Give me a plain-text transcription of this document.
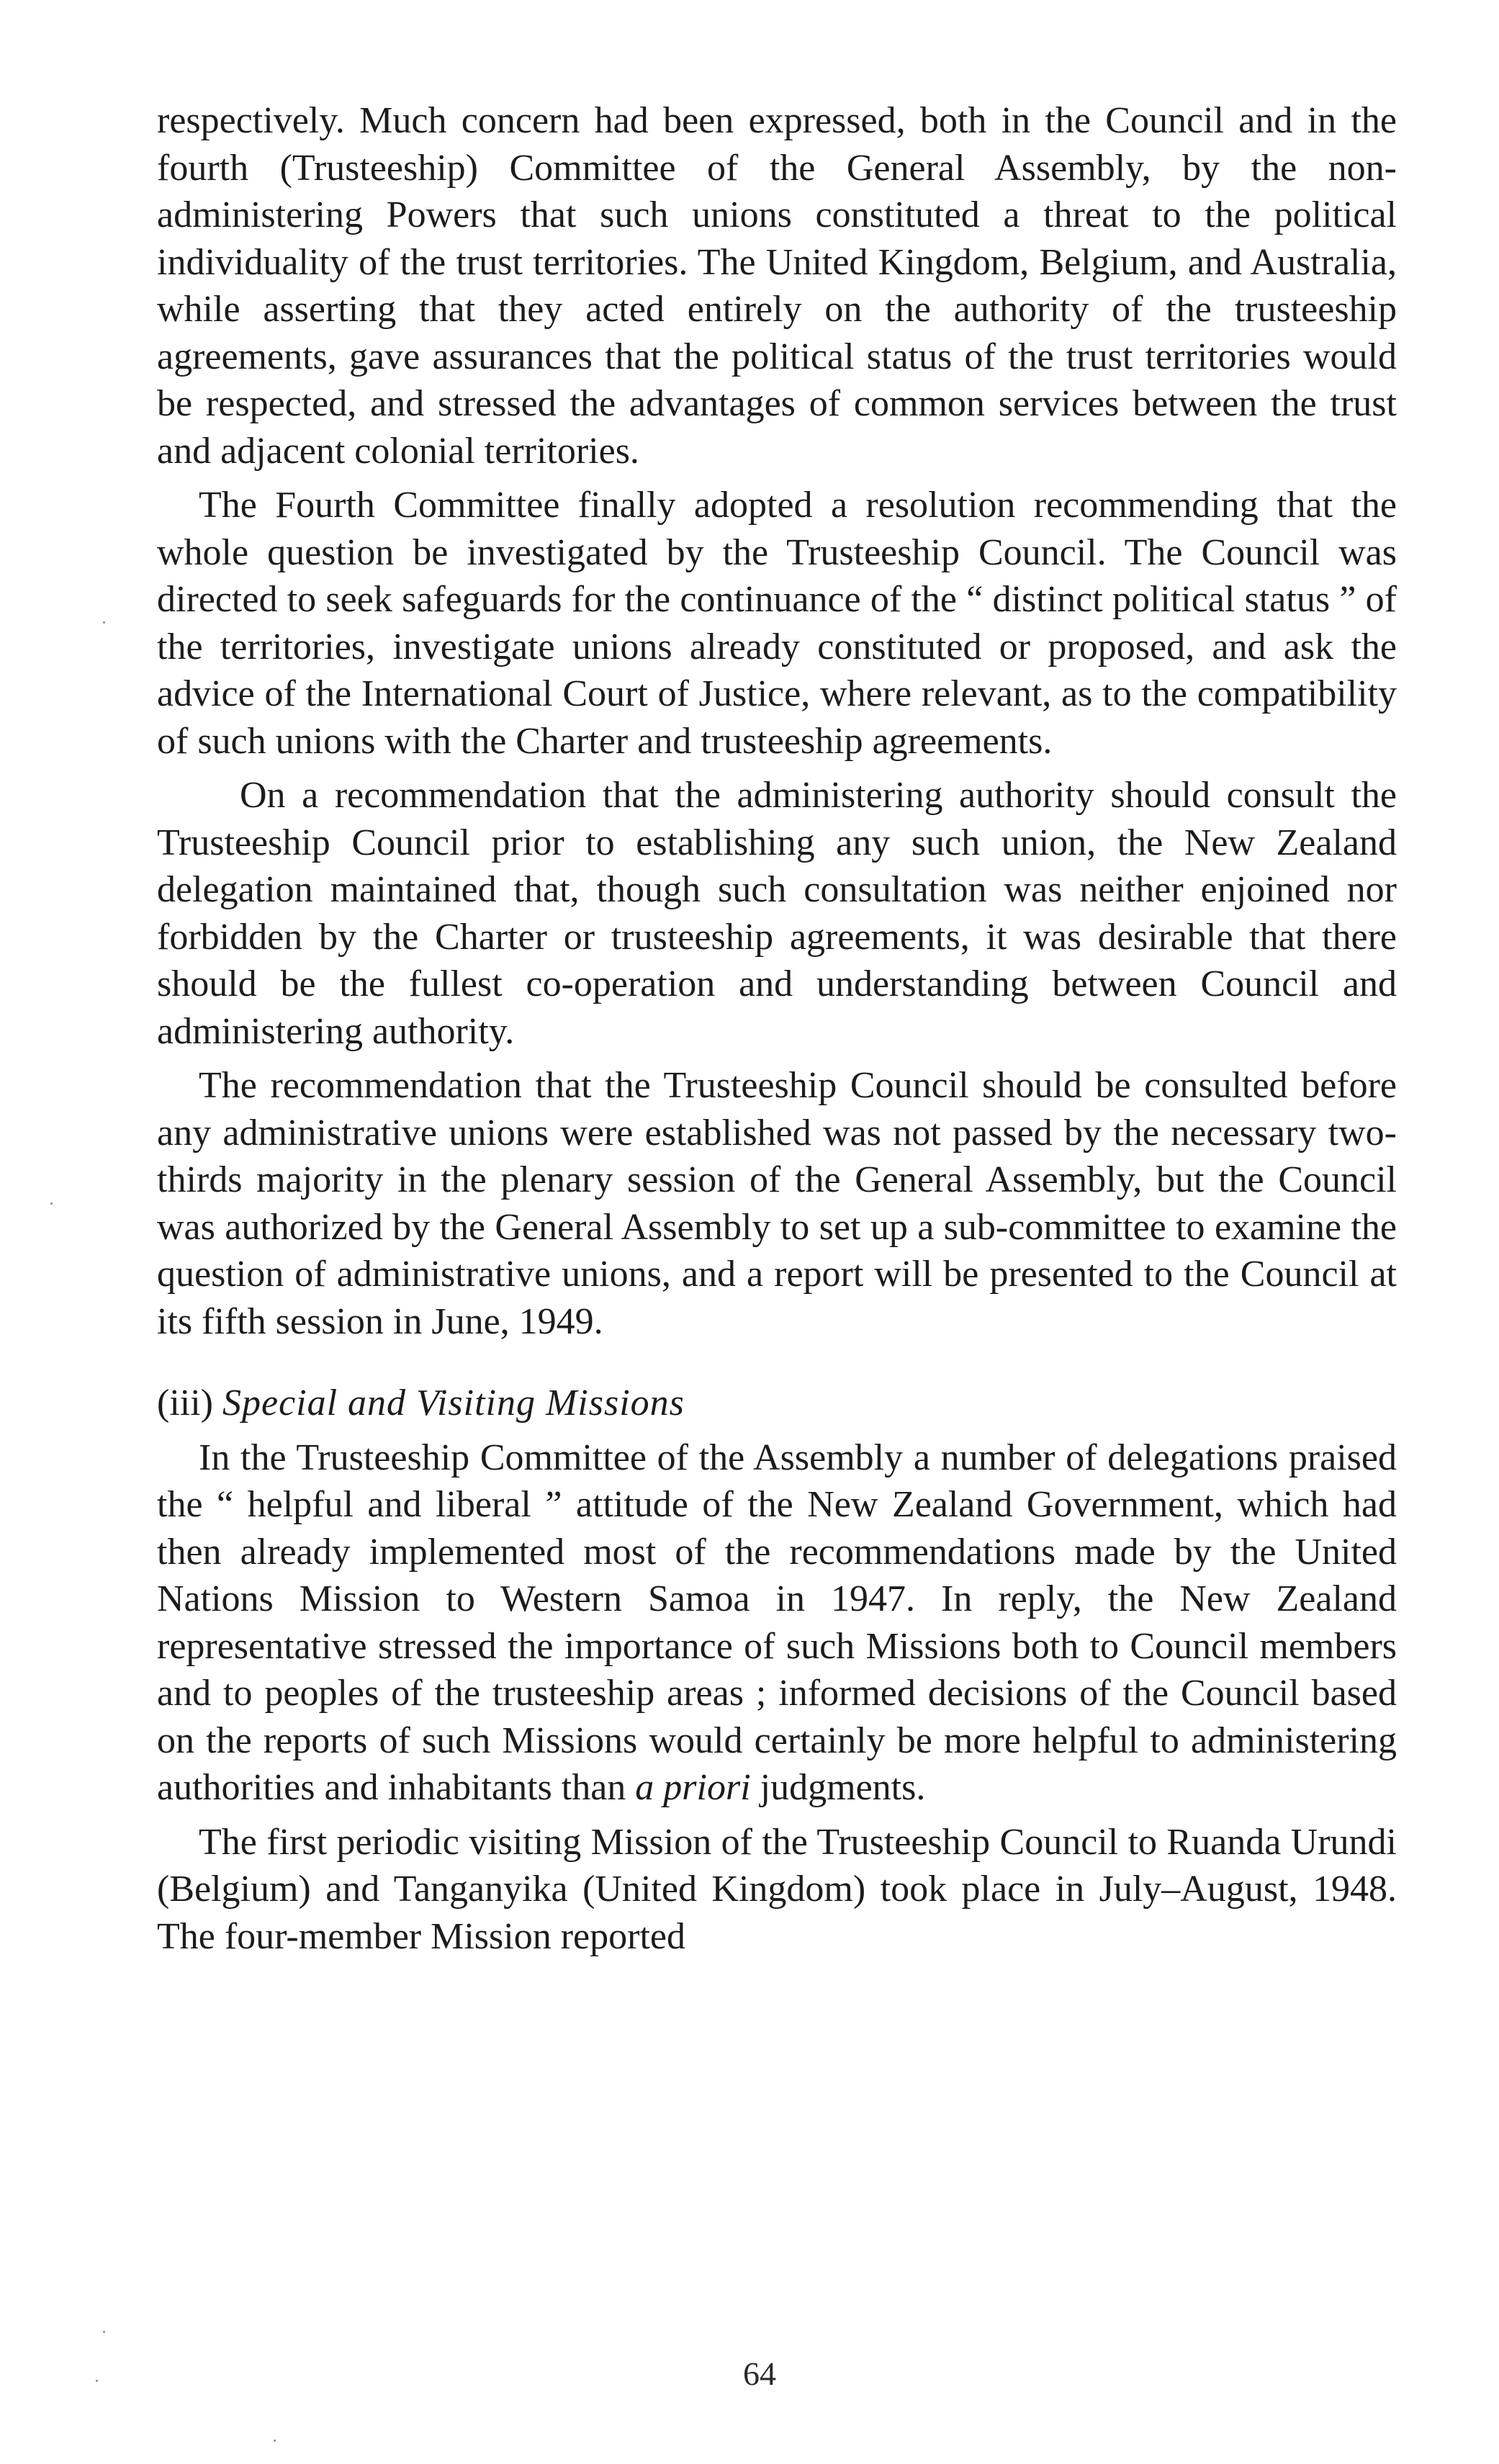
respectively. Much concern had been expressed, both in the Council and in the fourth (Trusteeship) Committee of the General Assembly, by the non-administering Powers that such unions constituted a threat to the political individuality of the trust territories. The United Kingdom, Belgium, and Australia, while asserting that they acted entirely on the authority of the trusteeship agreements, gave assurances that the political status of the trust territories would be respected, and stressed the advantages of common services between the trust and adjacent colonial territories.

The Fourth Committee finally adopted a resolution recommending that the whole question be investigated by the Trusteeship Council. The Council was directed to seek safeguards for the continuance of the “ distinct political status ” of the territories, investigate unions already constituted or proposed, and ask the advice of the International Court of Justice, where relevant, as to the compatibility of such unions with the Charter and trusteeship agreements.

On a recommendation that the administering authority should consult the Trusteeship Council prior to establishing any such union, the New Zealand delegation maintained that, though such consultation was neither enjoined nor forbidden by the Charter or trusteeship agreements, it was desirable that there should be the fullest co-operation and understanding between Council and administering authority.

The recommendation that the Trusteeship Council should be consulted before any administrative unions were established was not passed by the necessary two-thirds majority in the plenary session of the General Assembly, but the Council was authorized by the General Assembly to set up a sub-committee to examine the question of administrative unions, and a report will be presented to the Council at its fifth session in June, 1949.

(iii) Special and Visiting Missions

In the Trusteeship Committee of the Assembly a number of delegations praised the “ helpful and liberal ” attitude of the New Zealand Government, which had then already implemented most of the recommendations made by the United Nations Mission to Western Samoa in 1947. In reply, the New Zealand representative stressed the importance of such Missions both to Council members and to peoples of the trusteeship areas ; informed decisions of the Council based on the reports of such Missions would certainly be more helpful to administering authorities and inhabitants than a priori judgments.

The first periodic visiting Mission of the Trusteeship Council to Ruanda Urundi (Belgium) and Tanganyika (United Kingdom) took place in July–August, 1948. The four-member Mission reported

64
